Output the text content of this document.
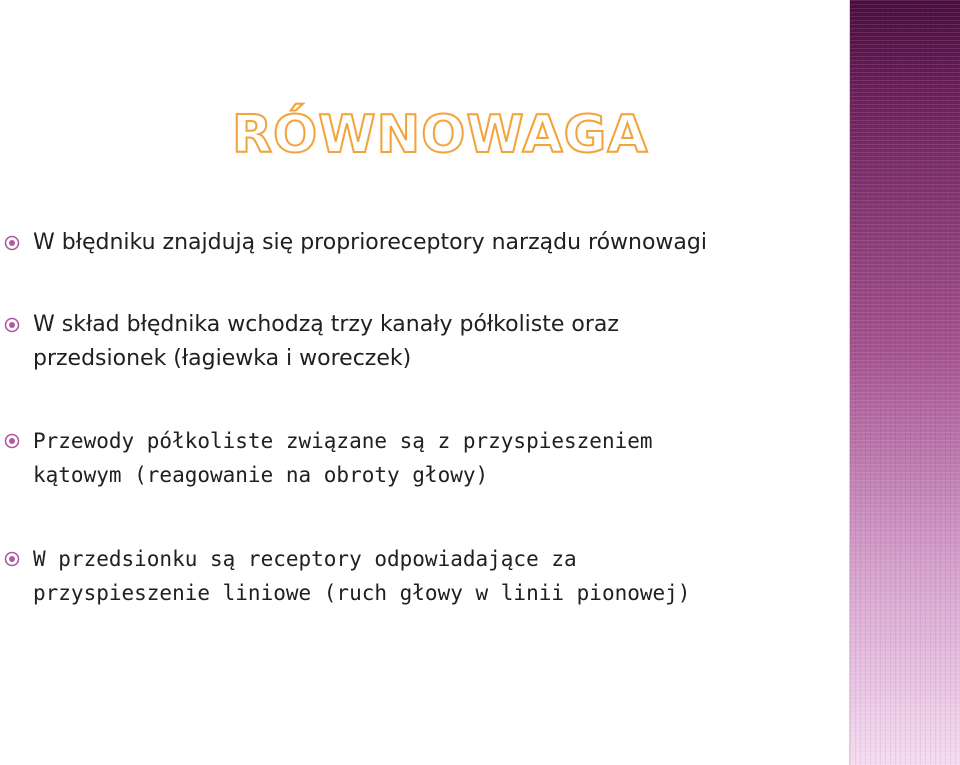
RÓWNOWAGA
W błędniku znajdują się proprioreceptory narządu równowagi
W skład błędnika wchodzą trzy kanały półkoliste oraz przedsionek (łagiewka i woreczek)
Przewody półkoliste związane są z przyspieszeniem kątowym (reagowanie na obroty głowy)
W przedsionku są receptory odpowiadające za przyspieszenie liniowe (ruch głowy w linii pionowej)
